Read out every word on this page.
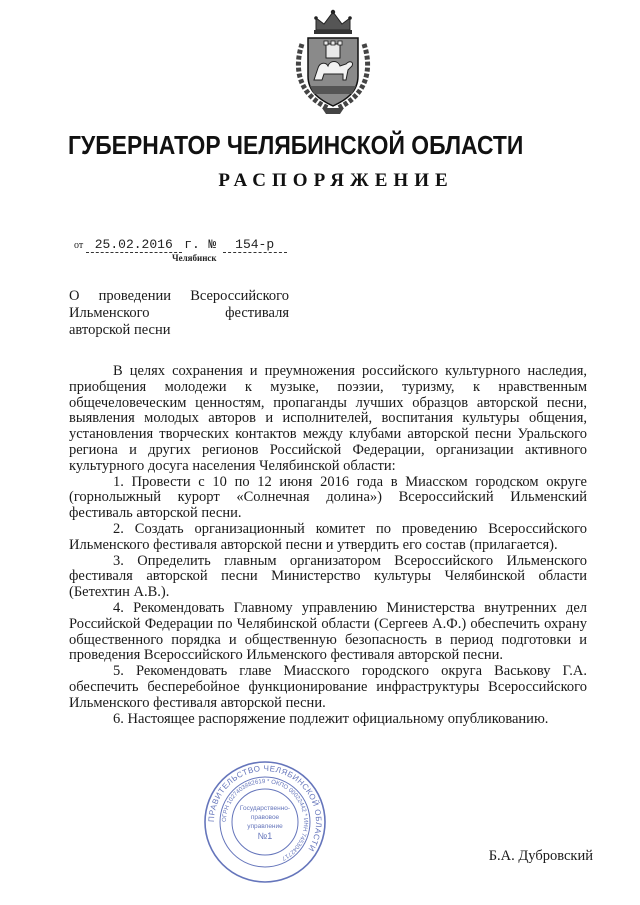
ГУБЕРНАТОР ЧЕЛЯБИНСКОЙ ОБЛАСТИ
РАСПОРЯЖЕНИЕ
от 25.02.2016 г. № 154-р
Челябинск
О проведении Всероссийского
Ильменского фестиваля
авторской песни

В целях сохранения и преумножения российского культурного наследия, приобщения молодежи к музыке, поэзии, туризму, к нравственным общечеловеческим ценностям, пропаганды лучших образцов авторской песни, выявления молодых авторов и исполнителей, воспитания культуры общения, установления творческих контактов между клубами авторской песни Уральского региона и других регионов Российской Федерации, организации активного культурного досуга населения Челябинской области:

1. Провести с 10 по 12 июня 2016 года в Миасском городском округе (горнолыжный курорт «Солнечная долина») Всероссийский Ильменский фестиваль авторской песни.

2. Создать организационный комитет по проведению Всероссийского Ильменского фестиваля авторской песни и утвердить его состав (прилагается).

3. Определить главным организатором Всероссийского Ильменского фестиваля авторской песни Министерство культуры Челябинской области (Бетехтин А.В.).

4. Рекомендовать Главному управлению Министерства внутренних дел Российской Федерации по Челябинской области (Сергеев А.Ф.) обеспечить охрану общественного порядка и общественную безопасность в период подготовки и проведения Всероссийского Ильменского фестиваля авторской песни.

5. Рекомендовать главе Миасского городского округа Васькову Г.А. обеспечить бесперебойное функционирование инфраструктуры Всероссийского Ильменского фестиваля авторской песни.

6. Настоящее распоряжение подлежит официальному опубликованию.

ПРАВИТЕЛЬСТВО ЧЕЛЯБИНСКОЙ ОБЛАСТИ
ОГРН 1027403882619 * ОКПО 00022442 * ИНН 7453042717
Государственно-
правовое
управление
№1
Б.А. Дубровский
